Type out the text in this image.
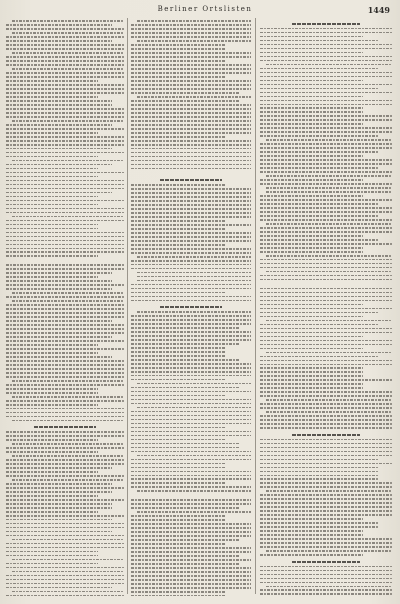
Berliner Ortslisten	1449
